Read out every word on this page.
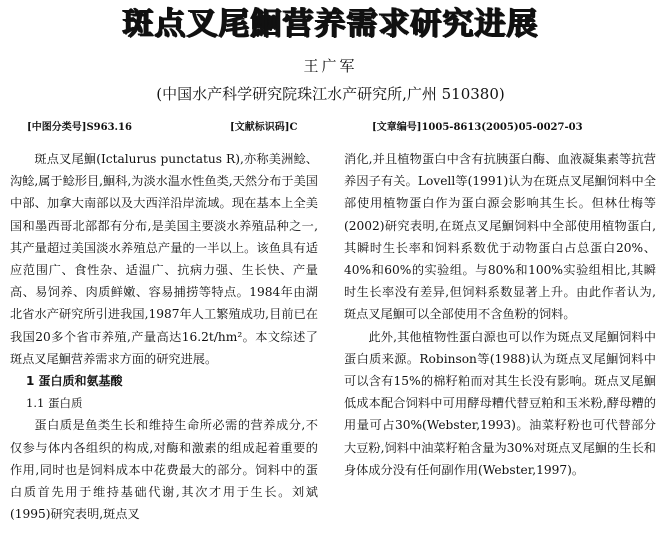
斑点叉尾鮰营养需求研究进展
王广军
(中国水产科学研究院珠江水产研究所,广州 510380)
[中图分类号]S963.16	[文献标识码]C	[文章编号]1005-8613(2005)05-0027-03

斑点叉尾鮰(Ictalurus punctatus R),亦称美洲鲶、沟鲶,属于鲶形目,鮰科,为淡水温水性鱼类,天然分布于美国中部、加拿大南部以及大西洋沿岸流域。现在基本上全美国和墨西哥北部都有分布,是美国主要淡水养殖品种之一,其产量超过美国淡水养殖总产量的一半以上。该鱼具有适应范围广、食性杂、适温广、抗病力强、生长快、产量高、易饲养、肉质鲜嫩、容易捕捞等特点。1984年由湖北省水产研究所引进我国,1987年人工繁殖成功,目前已在我国20多个省市养殖,产量高达16.2t/hm²。本文综述了斑点叉尾鮰营养需求方面的研究进展。

1 蛋白质和氨基酸

1.1 蛋白质

蛋白质是鱼类生长和维持生命所必需的营养成分,不仅参与体内各组织的构成,对酶和激素的组成起着重要的作用,同时也是饲料成本中花费最大的部分。饲料中的蛋白质首先用于维持基础代谢,其次才用于生长。刘斌(1995)研究表明,斑点叉

消化,并且植物蛋白中含有抗胰蛋白酶、血液凝集素等抗营养因子有关。Lovell等(1991)认为在斑点叉尾鮰饲料中全部使用植物蛋白作为蛋白源会影响其生长。但林仕梅等(2002)研究表明,在斑点叉尾鮰饲料中全部使用植物蛋白,其瞬时生长率和饲料系数优于动物蛋白占总蛋白20%、40%和60%的实验组。与80%和100%实验组相比,其瞬时生长率没有差异,但饲料系数显著上升。由此作者认为,斑点叉尾鮰可以全部使用不含鱼粉的饲料。

此外,其他植物性蛋白源也可以作为斑点叉尾鮰饲料中蛋白质来源。Robinson等(1988)认为斑点叉尾鮰饲料中可以含有15%的棉籽粕而对其生长没有影响。斑点叉尾鮰低成本配合饲料中可用酵母糟代替豆粕和玉米粉,酵母糟的用量可占30%(Webster,1993)。油菜籽粉也可代替部分大豆粉,饲料中油菜籽粕含量为30%对斑点叉尾鮰的生长和身体成分没有任何副作用(Webster,1997)。
